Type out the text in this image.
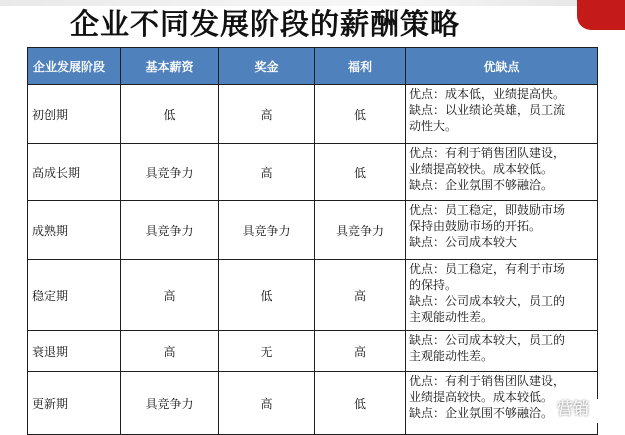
企业不同发展阶段的薪酬策略
企业发展阶段	基本薪资	奖金	福利	优缺点
初创期	低	高	低	优点：成本低，业绩提高快。
缺点：以业绩论英雄，员工流
动性大。

高成长期	具竞争力	高	低	优点：有利于销售团队建设，
业绩提高较快。成本较低。
缺点：企业氛围不够融洽。

成熟期	具竞争力	具竞争力	具竞争力	优点：员工稳定，即鼓励市场
保持由鼓励市场的开拓。
缺点：公司成本较大

稳定期	高	低	高	优点：员工稳定，有利于市场
的保持。
缺点：公司成本较大，员工的
主观能动性差。

衰退期	高	无	高	缺点：公司成本较大，员工的
主观能动性差。

更新期	具竞争力	高	低	优点：有利于销售团队建设，
业绩提高较快。成本较低。
缺点：企业氛围不够融洽。 营销
